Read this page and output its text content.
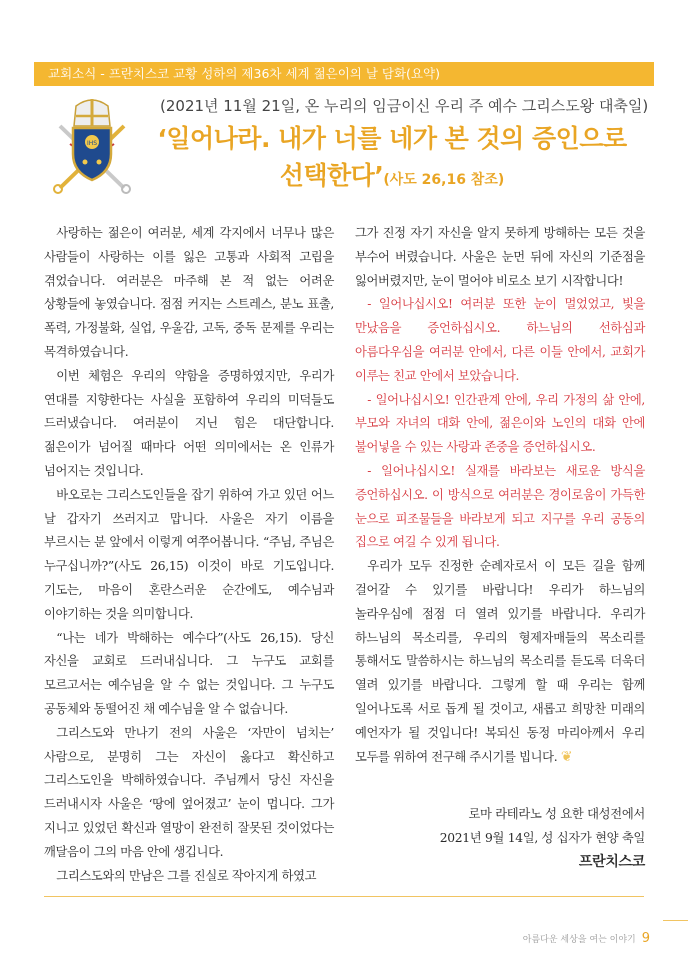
교회소식 - 프란치스코 교황 성하의 제36차 세계 젊은이의 날 담화(요약)
IHS
(2021년 11월 21일, 온 누리의 임금이신 우리 주 예수 그리스도왕 대축일)
‘일어나라. 내가 너를 네가 본 것의 증인으로
선택한다’(사도 26,16 참조)

사랑하는 젊은이 여러분, 세계 각지에서 너무나 많은 사람들이 사랑하는 이를 잃은 고통과 사회적 고립을 겪었습니다. 여러분은 마주해 본 적 없는 어려운 상황들에 놓였습니다. 점점 커지는 스트레스, 분노 표출, 폭력, 가정불화, 실업, 우울감, 고독, 중독 문제를 우리는 목격하였습니다.

이번 체험은 우리의 약함을 증명하였지만, 우리가 연대를 지향한다는 사실을 포함하여 우리의 미덕들도 드러냈습니다. 여러분이 지닌 힘은 대단합니다. 젊은이가 넘어질 때마다 어떤 의미에서는 온 인류가 넘어지는 것입니다.

바오로는 그리스도인들을 잡기 위하여 가고 있던 어느 날 갑자기 쓰러지고 맙니다. 사울은 자기 이름을 부르시는 분 앞에서 이렇게 여쭈어봅니다. “주님, 주님은 누구십니까?”(사도 26,15) 이것이 바로 기도입니다. 기도는, 마음이 혼란스러운 순간에도, 예수님과 이야기하는 것을 의미합니다.

“나는 네가 박해하는 예수다”(사도 26,15). 당신 자신을 교회로 드러내십니다. 그 누구도 교회를 모르고서는 예수님을 알 수 없는 것입니다. 그 누구도 공동체와 동떨어진 채 예수님을 알 수 없습니다.

그리스도와 만나기 전의 사울은 ‘자만이 넘치는’ 사람으로, 분명히 그는 자신이 옳다고 확신하고 그리스도인을 박해하였습니다. 주님께서 당신 자신을 드러내시자 사울은 ‘땅에 엎어졌고’ 눈이 멉니다. 그가 지니고 있었던 확신과 열망이 완전히 잘못된 것이었다는 깨달음이 그의 마음 안에 생깁니다.

그리스도와의 만남은 그를 진실로 작아지게 하였고

그가 진정 자기 자신을 알지 못하게 방해하는 모든 것을 부수어 버렸습니다. 사울은 눈먼 뒤에 자신의 기준점을 잃어버렸지만, 눈이 멀어야 비로소 보기 시작합니다!

- 일어나십시오! 여러분 또한 눈이 멀었었고, 빛을 만났음을 증언하십시오. 하느님의 선하심과 아름다우심을 여러분 안에서, 다른 이들 안에서, 교회가 이루는 친교 안에서 보았습니다.

- 일어나십시오! 인간관계 안에, 우리 가정의 삶 안에, 부모와 자녀의 대화 안에, 젊은이와 노인의 대화 안에 불어넣을 수 있는 사랑과 존중을 증언하십시오.

- 일어나십시오! 실재를 바라보는 새로운 방식을 증언하십시오. 이 방식으로 여러분은 경이로움이 가득한 눈으로 피조물들을 바라보게 되고 지구를 우리 공동의 집으로 여길 수 있게 됩니다.

우리가 모두 진정한 순례자로서 이 모든 길을 함께 걸어갈 수 있기를 바랍니다! 우리가 하느님의 놀라우심에 점점 더 열려 있기를 바랍니다. 우리가 하느님의 목소리를, 우리의 형제자매들의 목소리를 통해서도 말씀하시는 하느님의 목소리를 듣도록 더욱더 열려 있기를 바랍니다. 그렇게 할 때 우리는 함께 일어나도록 서로 돕게 될 것이고, 새롭고 희망찬 미래의 예언자가 될 것입니다! 복되신 동정 마리아께서 우리 모두를 위하여 전구해 주시기를 빕니다. ❦

로마 라테라노 성 요한 대성전에서
2021년 9월 14일, 성 십자가 현양 축일
프란치스코
아름다운 세상을 여는 이야기 9
